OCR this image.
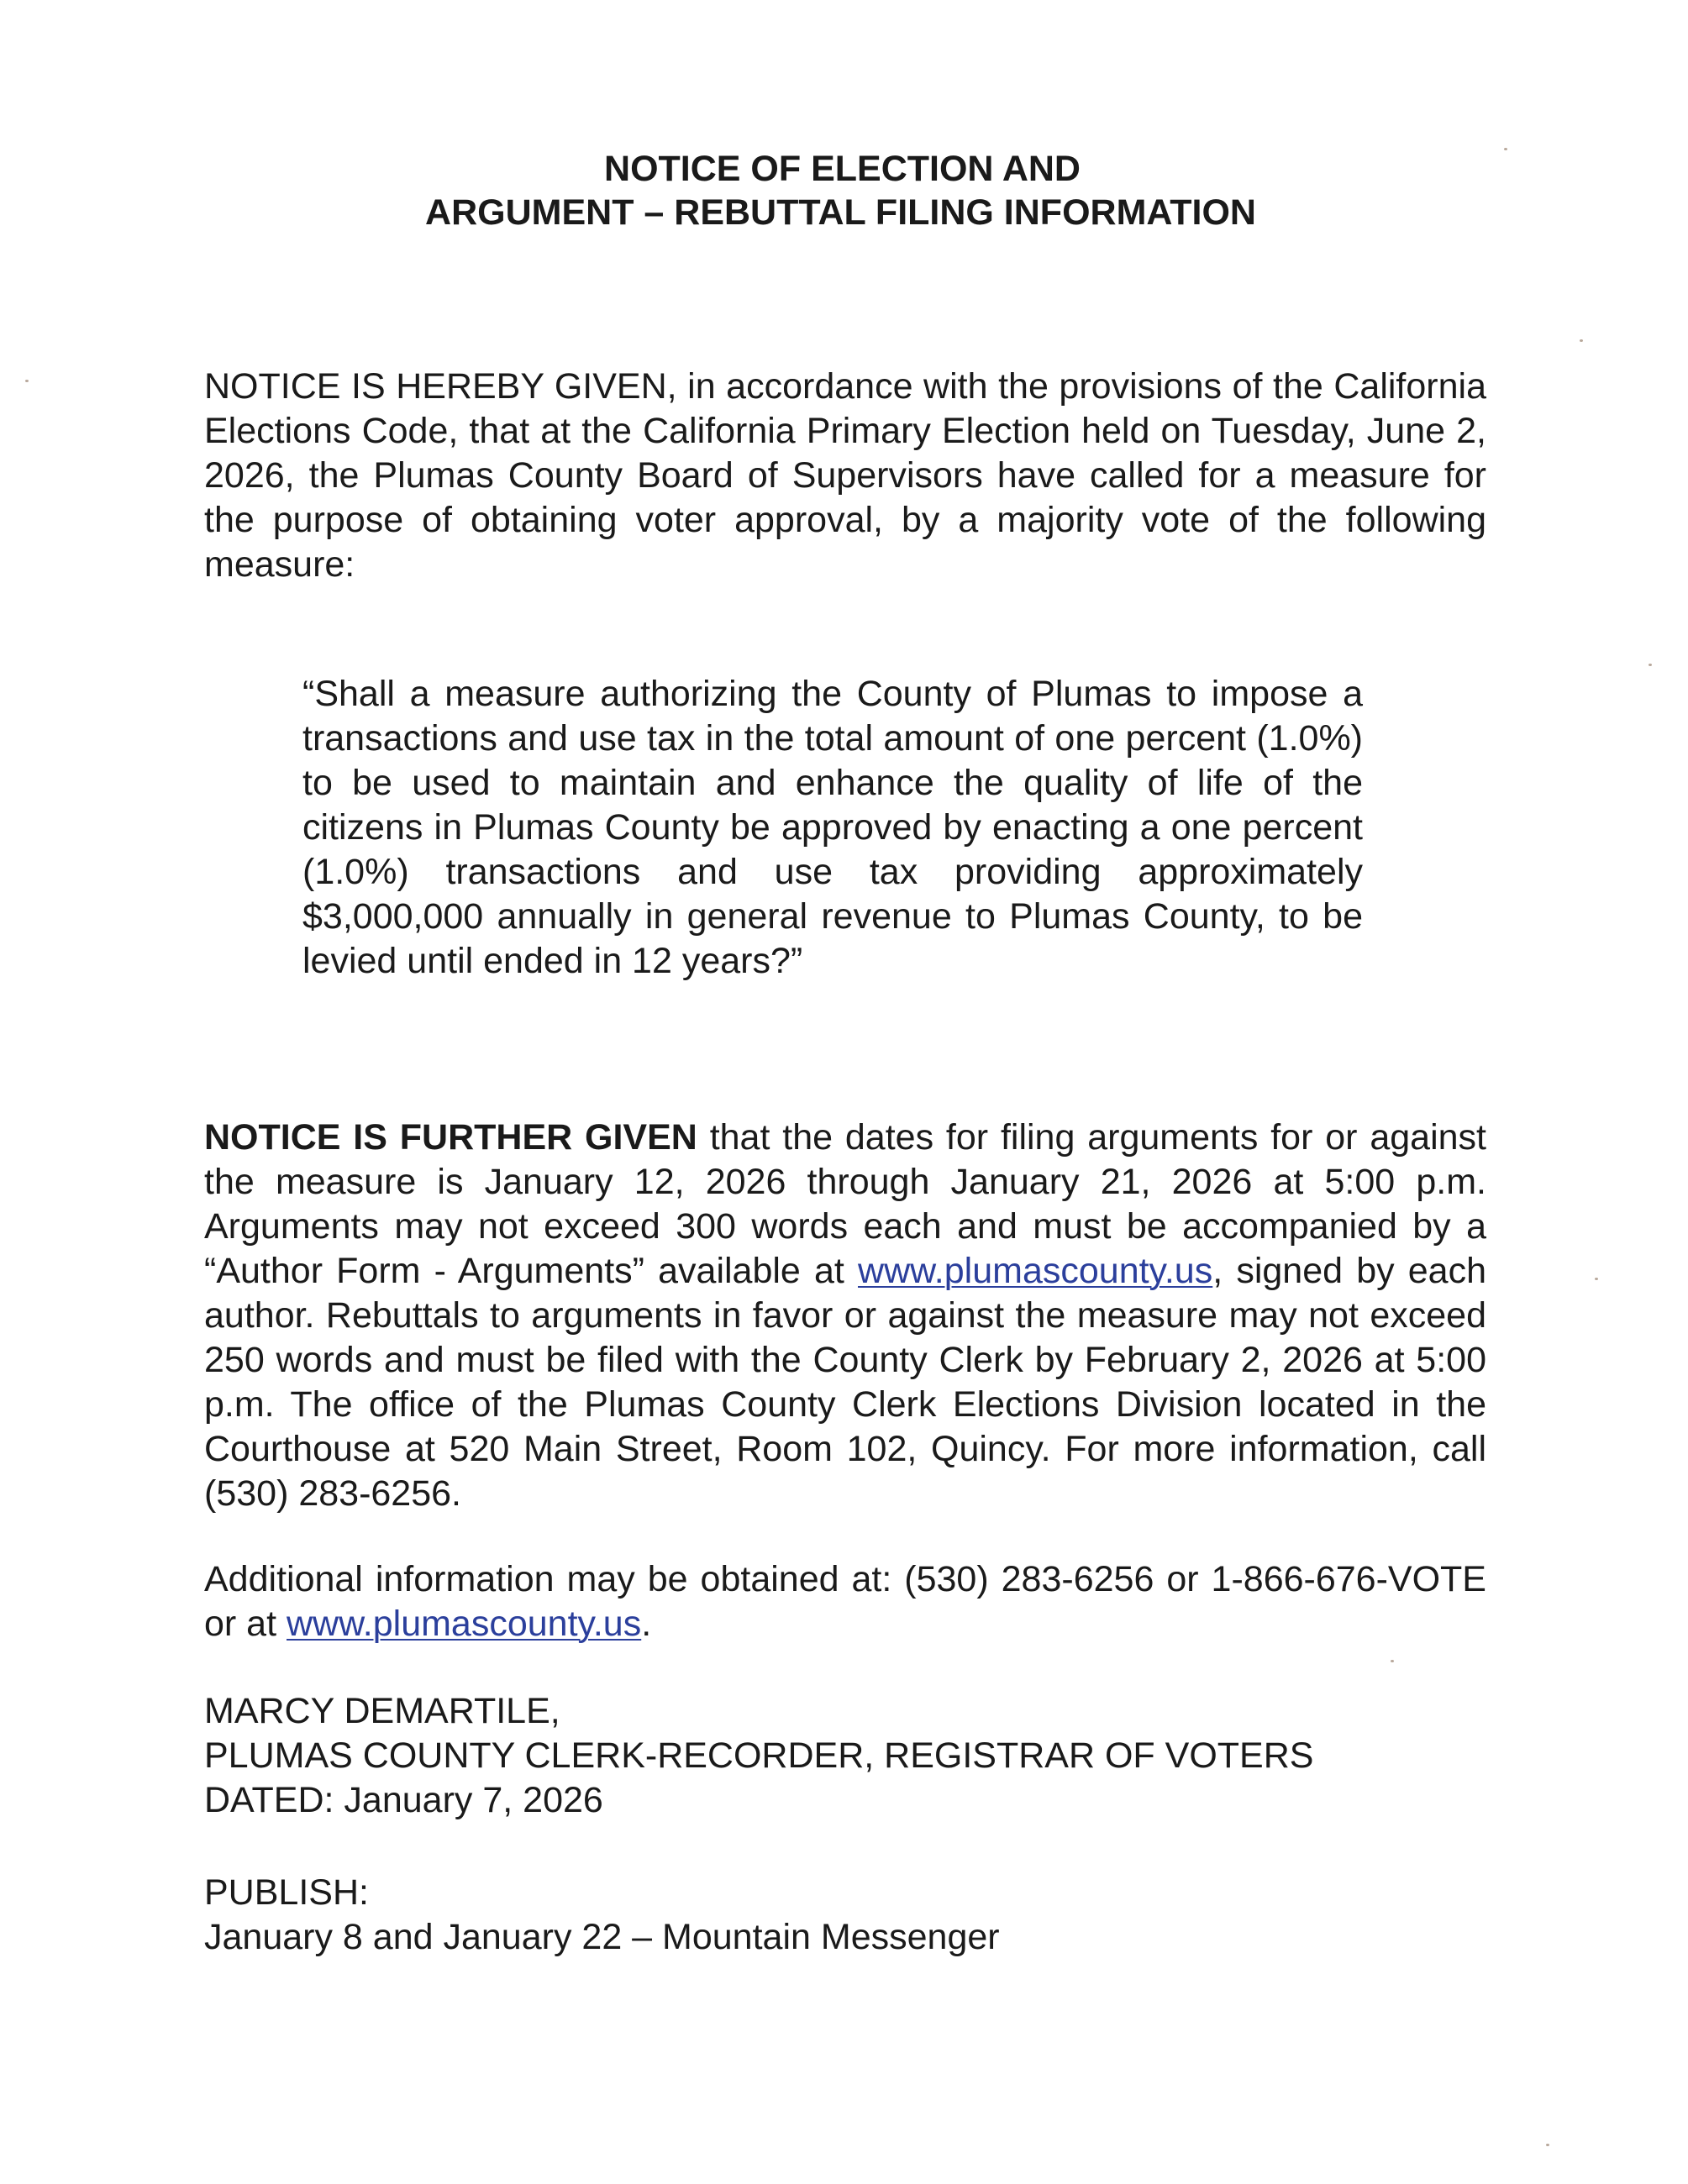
NOTICE OF ELECTION AND
ARGUMENT – REBUTTAL FILING INFORMATION
NOTICE IS HEREBY GIVEN, in accordance with the provisions of the California Elections Code, that at the California Primary Election held on Tuesday, June 2, 2026, the Plumas County Board of Supervisors have called for a measure for the purpose of obtaining voter approval, by a majority vote of the following measure:
“Shall a measure authorizing the County of Plumas to impose a transactions and use tax in the total amount of one percent (1.0%) to be used to maintain and enhance the quality of life of the citizens in Plumas County be approved by enacting a one percent (1.0%) transactions and use tax providing approximately $3,000,000 annually in general revenue to Plumas County, to be levied until ended in 12 years?”
NOTICE IS FURTHER GIVEN that the dates for filing arguments for or against the measure is January 12, 2026 through January 21, 2026 at 5:00 p.m. Arguments may not exceed 300 words each and must be accompanied by a “Author Form - Arguments” available at www.plumascounty.us, signed by each author. Rebuttals to arguments in favor or against the measure may not exceed 250 words and must be filed with the County Clerk by February 2, 2026 at 5:00 p.m. The office of the Plumas County Clerk Elections Division located in the Courthouse at 520 Main Street, Room 102, Quincy. For more information, call (530) 283-6256.
Additional information may be obtained at: (530) 283-6256 or 1-866-676-VOTE or at www.plumascounty.us.
MARCY DEMARTILE,
PLUMAS COUNTY CLERK-RECORDER, REGISTRAR OF VOTERS
DATED: January 7, 2026
PUBLISH:
January 8 and January 22 – Mountain Messenger
